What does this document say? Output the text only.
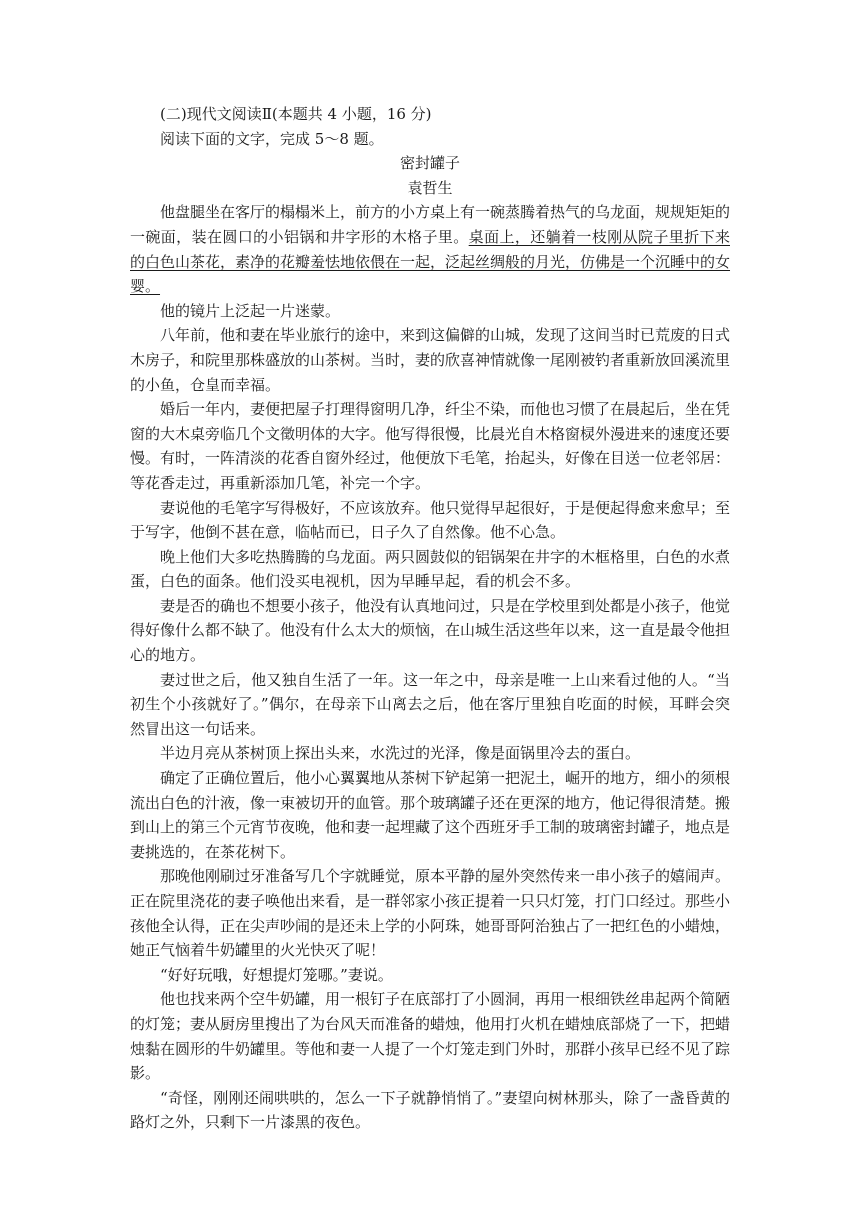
(二)现代文阅读Ⅱ(本题共 4 小题，16 分)

阅读下面的文字，完成 5～8 题。

密封罐子

袁哲生

他盘腿坐在客厅的榻榻米上，前方的小方桌上有一碗蒸腾着热气的乌龙面，规规矩矩的一碗面，装在圆口的小铝锅和井字形的木格子里。桌面上，还躺着一枝刚从院子里折下来的白色山茶花，素净的花瓣羞怯地依偎在一起，泛起丝绸般的月光，仿佛是一个沉睡中的女婴。

他的镜片上泛起一片迷蒙。

八年前，他和妻在毕业旅行的途中，来到这偏僻的山城，发现了这间当时已荒废的日式木房子，和院里那株盛放的山茶树。当时，妻的欣喜神情就像一尾刚被钓者重新放回溪流里的小鱼，仓皇而幸福。

婚后一年内，妻便把屋子打理得窗明几净，纤尘不染，而他也习惯了在晨起后，坐在凭窗的大木桌旁临几个文徵明体的大字。他写得很慢，比晨光自木格窗棂外漫进来的速度还要慢。有时，一阵清淡的花香自窗外经过，他便放下毛笔，抬起头，好像在目送一位老邻居：等花香走过，再重新添加几笔，补完一个字。

妻说他的毛笔字写得极好，不应该放弃。他只觉得早起很好，于是便起得愈来愈早；至于写字，他倒不甚在意，临帖而已，日子久了自然像。他不心急。

晚上他们大多吃热腾腾的乌龙面。两只圆鼓似的铝锅架在井字的木框格里，白色的水煮蛋，白色的面条。他们没买电视机，因为早睡早起，看的机会不多。

妻是否的确也不想要小孩子，他没有认真地问过，只是在学校里到处都是小孩子，他觉得好像什么都不缺了。他没有什么太大的烦恼，在山城生活这些年以来，这一直是最令他担心的地方。

妻过世之后，他又独自生活了一年。这一年之中，母亲是唯一上山来看过他的人。“当初生个小孩就好了。”偶尔，在母亲下山离去之后，他在客厅里独自吃面的时候，耳畔会突然冒出这一句话来。

半边月亮从茶树顶上探出头来，水洗过的光泽，像是面锅里冷去的蛋白。

确定了正确位置后，他小心翼翼地从茶树下铲起第一把泥土，崛开的地方，细小的须根流出白色的汁液，像一束被切开的血管。那个玻璃罐子还在更深的地方，他记得很清楚。搬到山上的第三个元宵节夜晚，他和妻一起埋藏了这个西班牙手工制的玻璃密封罐子，地点是妻挑选的，在茶花树下。

那晚他刚刷过牙准备写几个字就睡觉，原本平静的屋外突然传来一串小孩子的嬉闹声。正在院里浇花的妻子唤他出来看，是一群邻家小孩正提着一只只灯笼，打门口经过。那些小孩他全认得，正在尖声吵闹的是还未上学的小阿珠，她哥哥阿治独占了一把红色的小蜡烛，她正气恼着牛奶罐里的火光快灭了呢！

“好好玩哦，好想提灯笼哪。”妻说。

他也找来两个空牛奶罐，用一根钉子在底部打了小圆洞，再用一根细铁丝串起两个简陋的灯笼；妻从厨房里搜出了为台风天而准备的蜡烛，他用打火机在蜡烛底部烧了一下，把蜡烛黏在圆形的牛奶罐里。等他和妻一人提了一个灯笼走到门外时，那群小孩早已经不见了踪影。

“奇怪，刚刚还闹哄哄的，怎么一下子就静悄悄了。”妻望向树林那头，除了一盏昏黄的路灯之外，只剩下一片漆黑的夜色。
